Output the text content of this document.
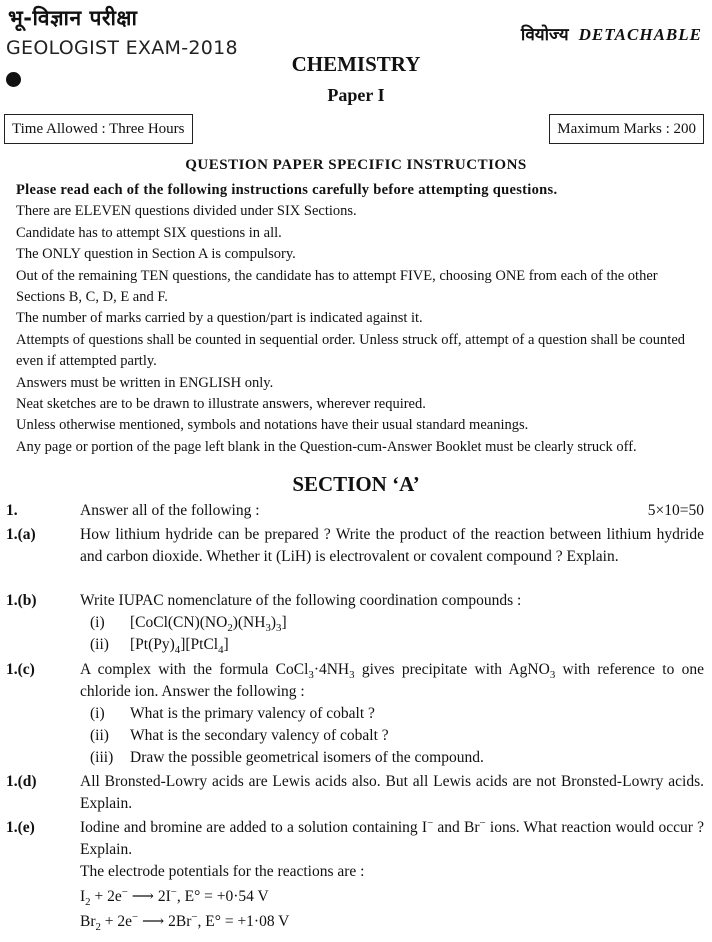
भू-विज्ञान परीक्षा
GEOLOGIST EXAM-2018
वियोज्य DETACHABLE
CHEMISTRY
Paper I
Time Allowed : Three Hours	Maximum Marks : 200
QUESTION PAPER SPECIFIC INSTRUCTIONS

Please read each of the following instructions carefully before attempting questions.

There are ELEVEN questions divided under SIX Sections.

Candidate has to attempt SIX questions in all.

The ONLY question in Section A is compulsory.

Out of the remaining TEN questions, the candidate has to attempt FIVE, choosing ONE from each of the other Sections B, C, D, E and F.

The number of marks carried by a question/part is indicated against it.

Attempts of questions shall be counted in sequential order. Unless struck off, attempt of a question shall be counted even if attempted partly.

Answers must be written in ENGLISH only.

Neat sketches are to be drawn to illustrate answers, wherever required.

Unless otherwise mentioned, symbols and notations have their usual standard meanings.

Any page or portion of the page left blank in the Question-cum-Answer Booklet must be clearly struck off.

SECTION ‘A’
1.	Answer all of the following :	5×10=50
1.(a)	How lithium hydride can be prepared ? Write the product of the reaction between lithium hydride and carbon dioxide. Whether it (LiH) is electrovalent or covalent compound ? Explain.
1.(b)	Write IUPAC nomenclature of the following coordination compounds :
(i) $[CoCl(CN)(NO_2)(NH_3)_3]$
(ii) $[Pt(Py)_4][PtCl_4]$
1.(c)	A complex with the formula $CoCl_3\cdot 4NH_3$ gives precipitate with AgNO$_3$ with reference to one chloride ion. Answer the following :
(i) What is the primary valency of cobalt ?
(ii) What is the secondary valency of cobalt ?
(iii) Draw the possible geometrical isomers of the compound.
1.(d)	All Bronsted-Lowry acids are Lewis acids also. But all Lewis acids are not Bronsted-Lowry acids. Explain.
1.(e)	Iodine and bromine are added to a solution containing I− and Br− ions. What reaction would occur ? Explain.
The electrode potentials for the reactions are :
$I_2 + 2e^-$ ⟶ 2I−, E° = +0·54 V
$Br_2 + 2e^-$ ⟶ 2Br−, E° = +1·08 V
